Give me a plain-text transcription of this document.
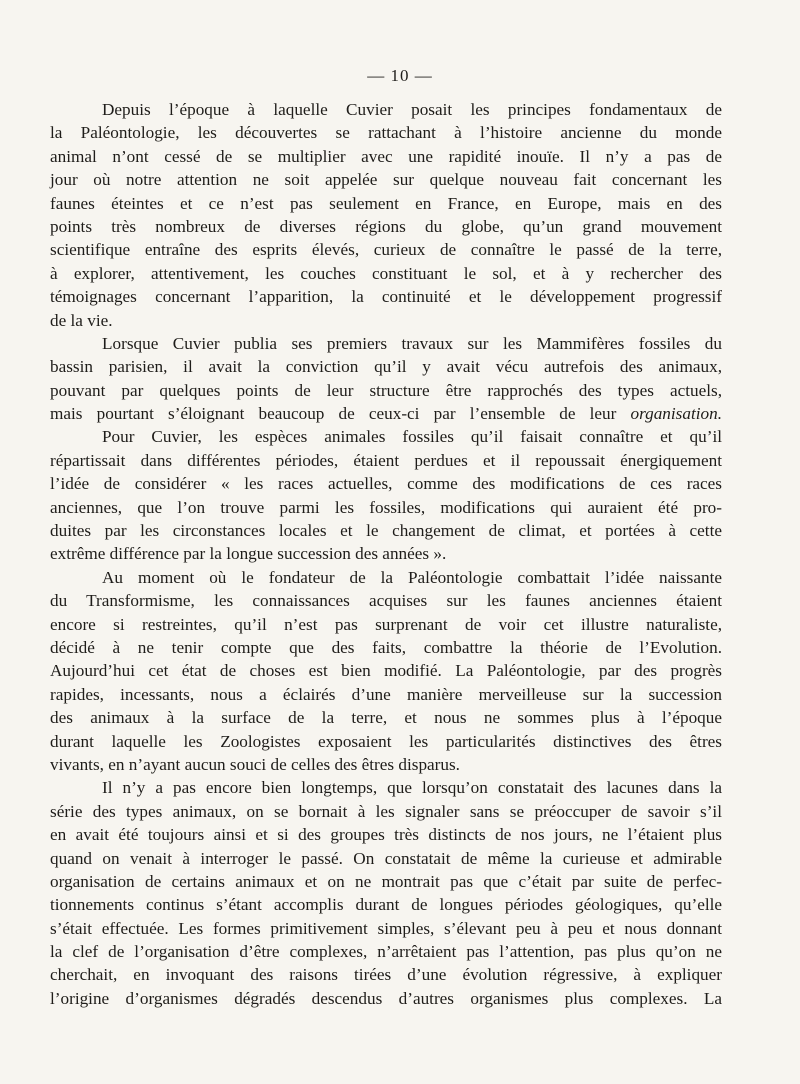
— 10 —
Depuis l’époque à laquelle Cuvier posait les principes fondamentaux de
la Paléontologie, les découvertes se rattachant à l’histoire ancienne du monde
animal n’ont cessé de se multiplier avec une rapidité inouïe. Il n’y a pas de
jour où notre attention ne soit appelée sur quelque nouveau fait concernant les
faunes éteintes et ce n’est pas seulement en France, en Europe, mais en des
points très nombreux de diverses régions du globe, qu’un grand mouvement
scientifique entraîne des esprits élevés, curieux de connaître le passé de la terre,
à explorer, attentivement, les couches constituant le sol, et à y rechercher des
témoignages concernant l’apparition, la continuité et le développement progressif
de la vie.
Lorsque Cuvier publia ses premiers travaux sur les Mammifères fossiles du
bassin parisien, il avait la conviction qu’il y avait vécu autrefois des animaux,
pouvant par quelques points de leur structure être rapprochés des types actuels,
mais pourtant s’éloignant beaucoup de ceux-ci par l’ensemble de leur organisation.
Pour Cuvier, les espèces animales fossiles qu’il faisait connaître et qu’il
répartissait dans différentes périodes, étaient perdues et il repoussait énergiquement
l’idée de considérer « les races actuelles, comme des modifications de ces races
anciennes, que l’on trouve parmi les fossiles, modifications qui auraient été pro-
duites par les circonstances locales et le changement de climat, et portées à cette
extrême différence par la longue succession des années ».
Au moment où le fondateur de la Paléontologie combattait l’idée naissante
du Transformisme, les connaissances acquises sur les faunes anciennes étaient
encore si restreintes, qu’il n’est pas surprenant de voir cet illustre naturaliste,
décidé à ne tenir compte que des faits, combattre la théorie de l’Evolution.
Aujourd’hui cet état de choses est bien modifié. La Paléontologie, par des progrès
rapides, incessants, nous a éclairés d’une manière merveilleuse sur la succession
des animaux à la surface de la terre, et nous ne sommes plus à l’époque
durant laquelle les Zoologistes exposaient les particularités distinctives des êtres
vivants, en n’ayant aucun souci de celles des êtres disparus.
Il n’y a pas encore bien longtemps, que lorsqu’on constatait des lacunes dans la
série des types animaux, on se bornait à les signaler sans se préoccuper de savoir s’il
en avait été toujours ainsi et si des groupes très distincts de nos jours, ne l’étaient plus
quand on venait à interroger le passé. On constatait de même la curieuse et admirable
organisation de certains animaux et on ne montrait pas que c’était par suite de perfec-
tionnements continus s’étant accomplis durant de longues périodes géologiques, qu’elle
s’était effectuée. Les formes primitivement simples, s’élevant peu à peu et nous donnant
la clef de l’organisation d’être complexes, n’arrêtaient pas l’attention, pas plus qu’on ne
cherchait, en invoquant des raisons tirées d’une évolution régressive, à expliquer
l’origine d’organismes dégradés descendus d’autres organismes plus complexes. La
